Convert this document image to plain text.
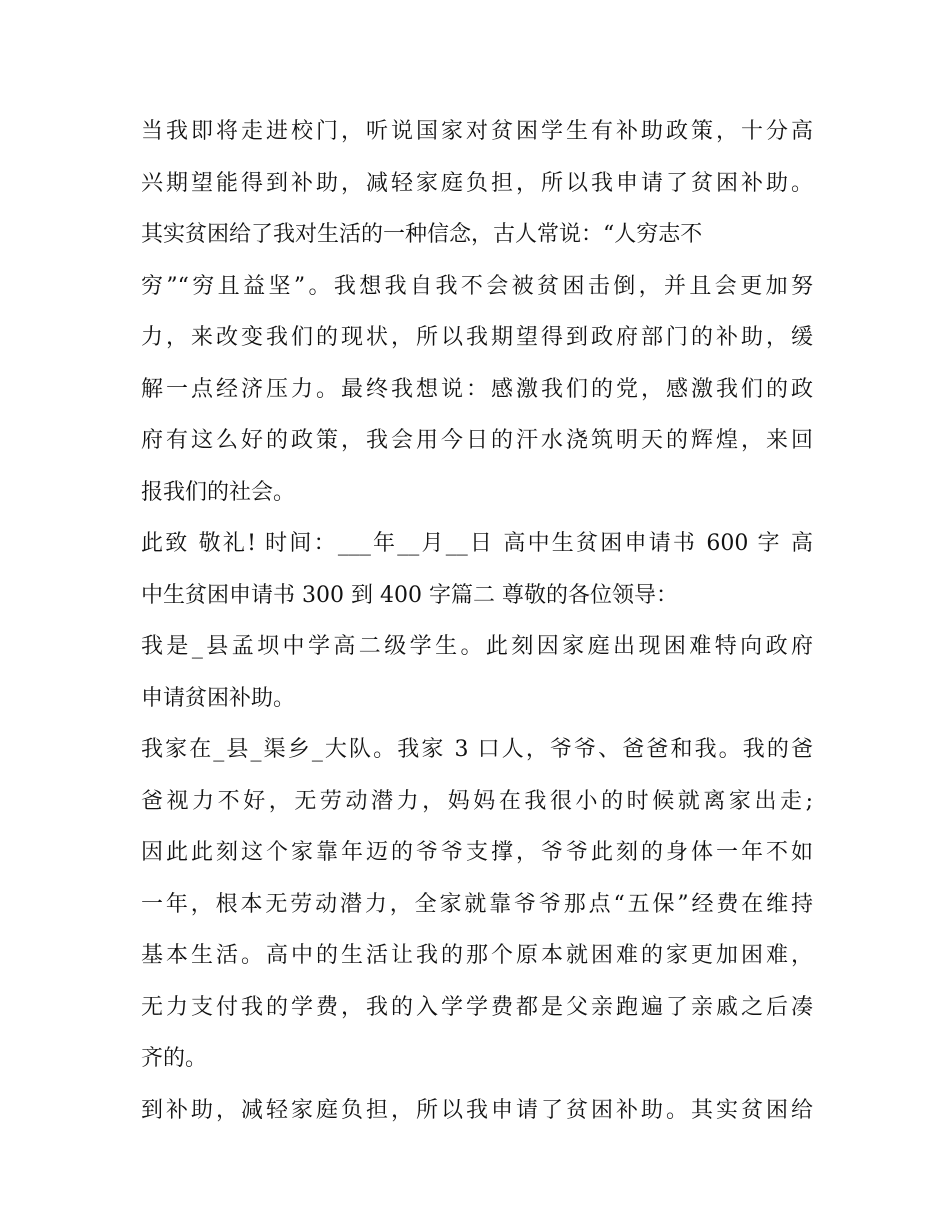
当我即将走进校门，听说国家对贫困学生有补助政策，十分高
兴期望能得到补助，减轻家庭负担，所以我申请了贫困补助。
其实贫困给了我对生活的一种信念，古人常说：“人穷志不
穷”“穷且益坚”。我想我自我不会被贫困击倒，并且会更加努
力，来改变我们的现状，所以我期望得到政府部门的补助，缓
解一点经济压力。最终我想说：感激我们的党，感激我们的政
府有这么好的政策，我会用今日的汗水浇筑明天的辉煌，来回
报我们的社会。
此致 敬礼! 时间：___年__月__日 高中生贫困申请书 600 字 高
中生贫困申请书 300 到 400 字篇二 尊敬的各位领导：
我是_县孟坝中学高二级学生。此刻因家庭出现困难特向政府
申请贫困补助。
我家在_县_渠乡_大队。我家 3 口人，爷爷、爸爸和我。我的爸
爸视力不好，无劳动潜力，妈妈在我很小的时候就离家出走;
因此此刻这个家靠年迈的爷爷支撑，爷爷此刻的身体一年不如
一年，根本无劳动潜力，全家就靠爷爷那点“五保”经费在维持
基本生活。高中的生活让我的那个原本就困难的家更加困难，
无力支付我的学费，我的入学学费都是父亲跑遍了亲戚之后凑
齐的。
到补助，减轻家庭负担，所以我申请了贫困补助。其实贫困给
